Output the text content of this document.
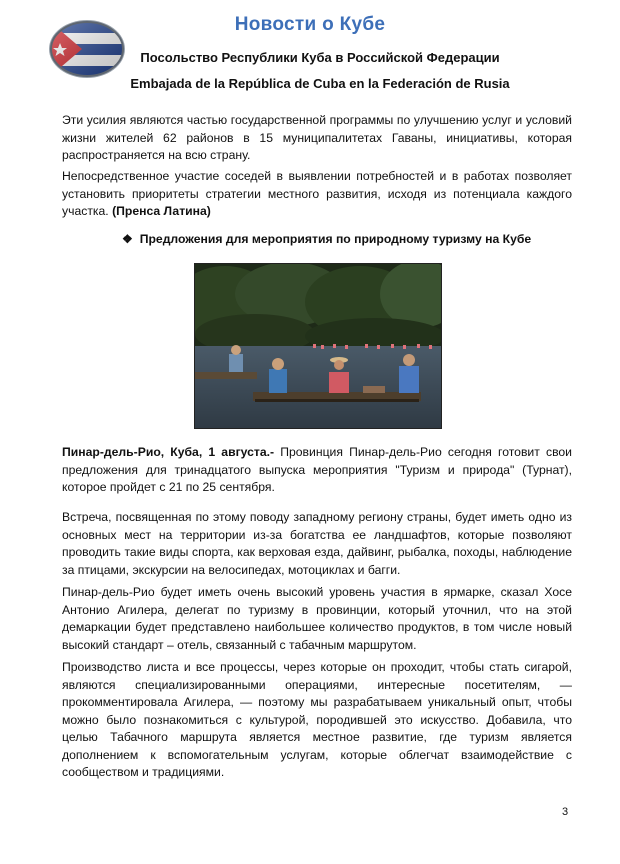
Новости о Кубе
Посольство Республики Куба в Российской Федерации
Embajada de la República de Cuba en la Federación de Rusia

Эти усилия являются частью государственной программы по улучшению услуг и условий жизни жителей 62 районов в 15 муниципалитетах Гаваны, инициативы, которая распространяется на всю страну.

Непосредственное участие соседей в выявлении потребностей и в работах позволяет установить приоритеты стратегии местного развития, исходя из потенциала каждого участка. (Пренса Латина)

❖ Предложения для мероприятия по природному туризму на Кубе

Пинар-дель-Рио, Куба, 1 августа.- Провинция Пинар-дель-Рио сегодня готовит свои предложения для тринадцатого выпуска мероприятия "Туризм и природа" (Турнат), которое пройдет с 21 по 25 сентября.

Встреча, посвященная по этому поводу западному региону страны, будет иметь одно из основных мест на территории из-за богатства ее ландшафтов, которые позволяют проводить такие виды спорта, как верховая езда, дайвинг, рыбалка, походы, наблюдение за птицами, экскурсии на велосипедах, мотоциклах и багги.

Пинар-дель-Рио будет иметь очень высокий уровень участия в ярмарке, сказал Хосе Антонио Агилера, делегат по туризму в провинции, который уточнил, что на этой демаркации будет представлено наибольшее количество продуктов, в том числе новый высокий стандарт – отель, связанный с табачным маршрутом.

Производство листа и все процессы, через которые он проходит, чтобы стать сигарой, являются специализированными операциями, интересные посетителям, — прокомментировала Агилера, — поэтому мы разрабатываем уникальный опыт, чтобы можно было познакомиться с культурой, породившей это искусство. Добавила, что целью Табачного маршрута является местное развитие, где туризм является дополнением к вспомогательным услугам, которые облегчат взаимодействие с сообществом и традициями.

3
